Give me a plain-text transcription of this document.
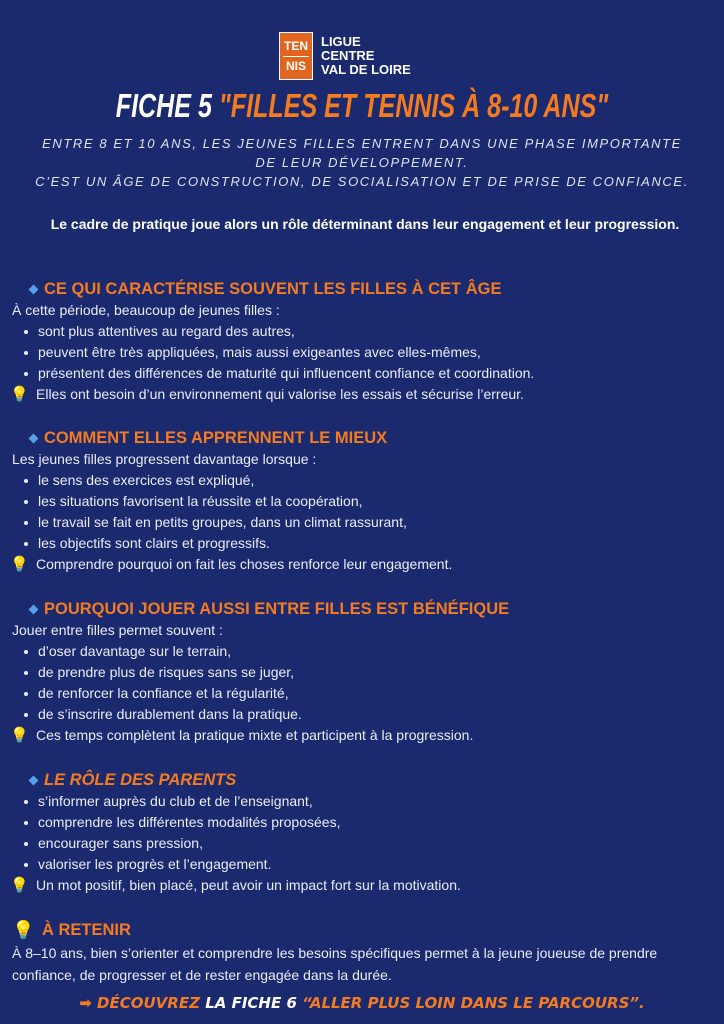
TEN
NIS
LIGUE
CENTRE
VAL DE LOIRE
FICHE 5 "FILLES ET TENNIS À 8-10 ANS"
ENTRE 8 ET 10 ANS, LES JEUNES FILLES ENTRENT DANS UNE PHASE IMPORTANTE
DE LEUR DÉVELOPPEMENT.
C’EST UN ÂGE DE CONSTRUCTION, DE SOCIALISATION ET DE PRISE DE CONFIANCE.
Le cadre de pratique joue alors un rôle déterminant dans leur engagement et leur progression.
CE QUI CARACTÉRISE SOUVENT LES FILLES À CET ÂGE
À cette période, beaucoup de jeunes filles :
sont plus attentives au regard des autres,
peuvent être très appliquées, mais aussi exigeantes avec elles-mêmes,
présentent des différences de maturité qui influencent confiance et coordination.
💡 Elles ont besoin d’un environnement qui valorise les essais et sécurise l’erreur.
COMMENT ELLES APPRENNENT LE MIEUX
Les jeunes filles progressent davantage lorsque :
le sens des exercices est expliqué,
les situations favorisent la réussite et la coopération,
le travail se fait en petits groupes, dans un climat rassurant,
les objectifs sont clairs et progressifs.
💡 Comprendre pourquoi on fait les choses renforce leur engagement.
POURQUOI JOUER AUSSI ENTRE FILLES EST BÉNÉFIQUE
Jouer entre filles permet souvent :
d’oser davantage sur le terrain,
de prendre plus de risques sans se juger,
de renforcer la confiance et la régularité,
de s’inscrire durablement dans la pratique.
💡 Ces temps complètent la pratique mixte et participent à la progression.
LE RÔLE DES PARENTS
s’informer auprès du club et de l’enseignant,
comprendre les différentes modalités proposées,
encourager sans pression,
valoriser les progrès et l’engagement.
💡 Un mot positif, bien placé, peut avoir un impact fort sur la motivation.
💡 À RETENIR
À 8–10 ans, bien s’orienter et comprendre les besoins spécifiques permet à la jeune joueuse de prendre confiance, de progresser et de rester engagée dans la durée.
➡ DÉCOUVREZ LA FICHE 6 “ALLER PLUS LOIN DANS LE PARCOURS”.
